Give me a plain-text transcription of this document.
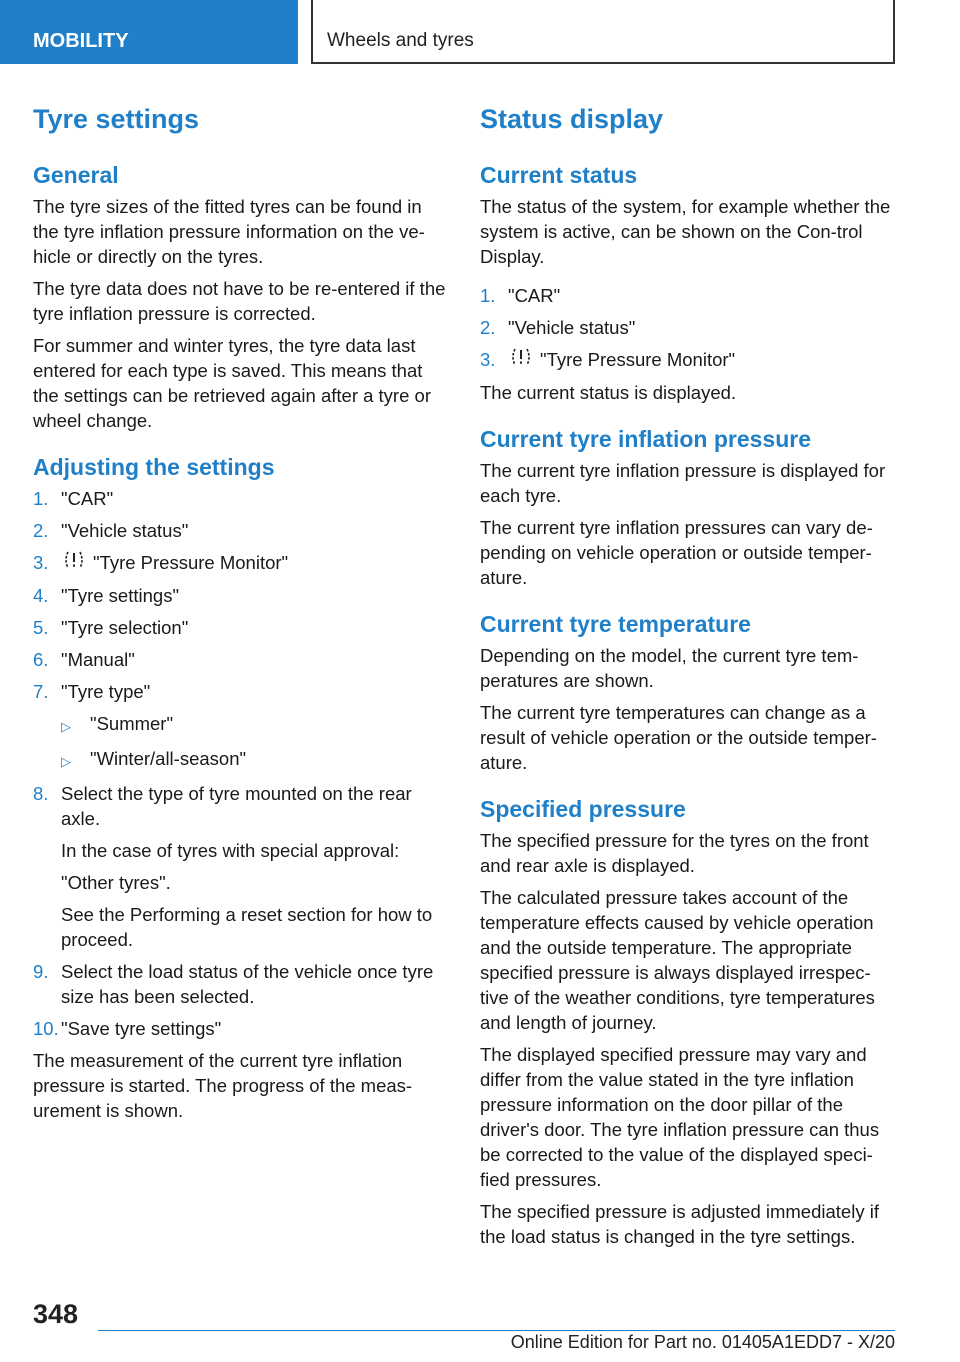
MOBILITY	Wheels and tyres
Tyre settings
General

The tyre sizes of the fitted tyres can be found in the tyre inflation pressure information on the ve-hicle or directly on the tyres.

The tyre data does not have to be re-entered if the tyre inflation pressure is corrected.

For summer and winter tyres, the tyre data last entered for each type is saved. This means that the settings can be retrieved again after a tyre or wheel change.

Adjusting the settings
1. "CAR"
2. "Vehicle status"
3.	"Tyre Pressure Monitor"
4. "Tyre settings"
5. "Tyre selection"
6. "Manual"
7. "Tyre type"
▷	"Summer"
▷	"Winter/all-season"
8. Select the type of tyre mounted on the rear axle.

In the case of tyres with special approval:

"Other tyres".

See the Performing a reset section for how to proceed.

9. Select the load status of the vehicle once tyre size has been selected.
10. "Save tyre settings"

The measurement of the current tyre inflation pressure is started. The progress of the meas-urement is shown.

Status display
Current status

The status of the system, for example whether the system is active, can be shown on the Con-trol Display.

1. "CAR"
2. "Vehicle status"
3.	"Tyre Pressure Monitor"

The current status is displayed.

Current tyre inflation pressure

The current tyre inflation pressure is displayed for each tyre.

The current tyre inflation pressures can vary de-pending on vehicle operation or outside temper-ature.

Current tyre temperature

Depending on the model, the current tyre tem-peratures are shown.

The current tyre temperatures can change as a result of vehicle operation or the outside temper-ature.

Specified pressure

The specified pressure for the tyres on the front and rear axle is displayed.

The calculated pressure takes account of the temperature effects caused by vehicle operation and the outside temperature. The appropriate specified pressure is always displayed irrespec-tive of the weather conditions, tyre temperatures and length of journey.

The displayed specified pressure may vary and differ from the value stated in the tyre inflation pressure information on the door pillar of the driver's door. The tyre inflation pressure can thus be corrected to the value of the displayed speci-fied pressures.

The specified pressure is adjusted immediately if the load status is changed in the tyre settings.

348
Online Edition for Part no. 01405A1EDD7 - X/20
